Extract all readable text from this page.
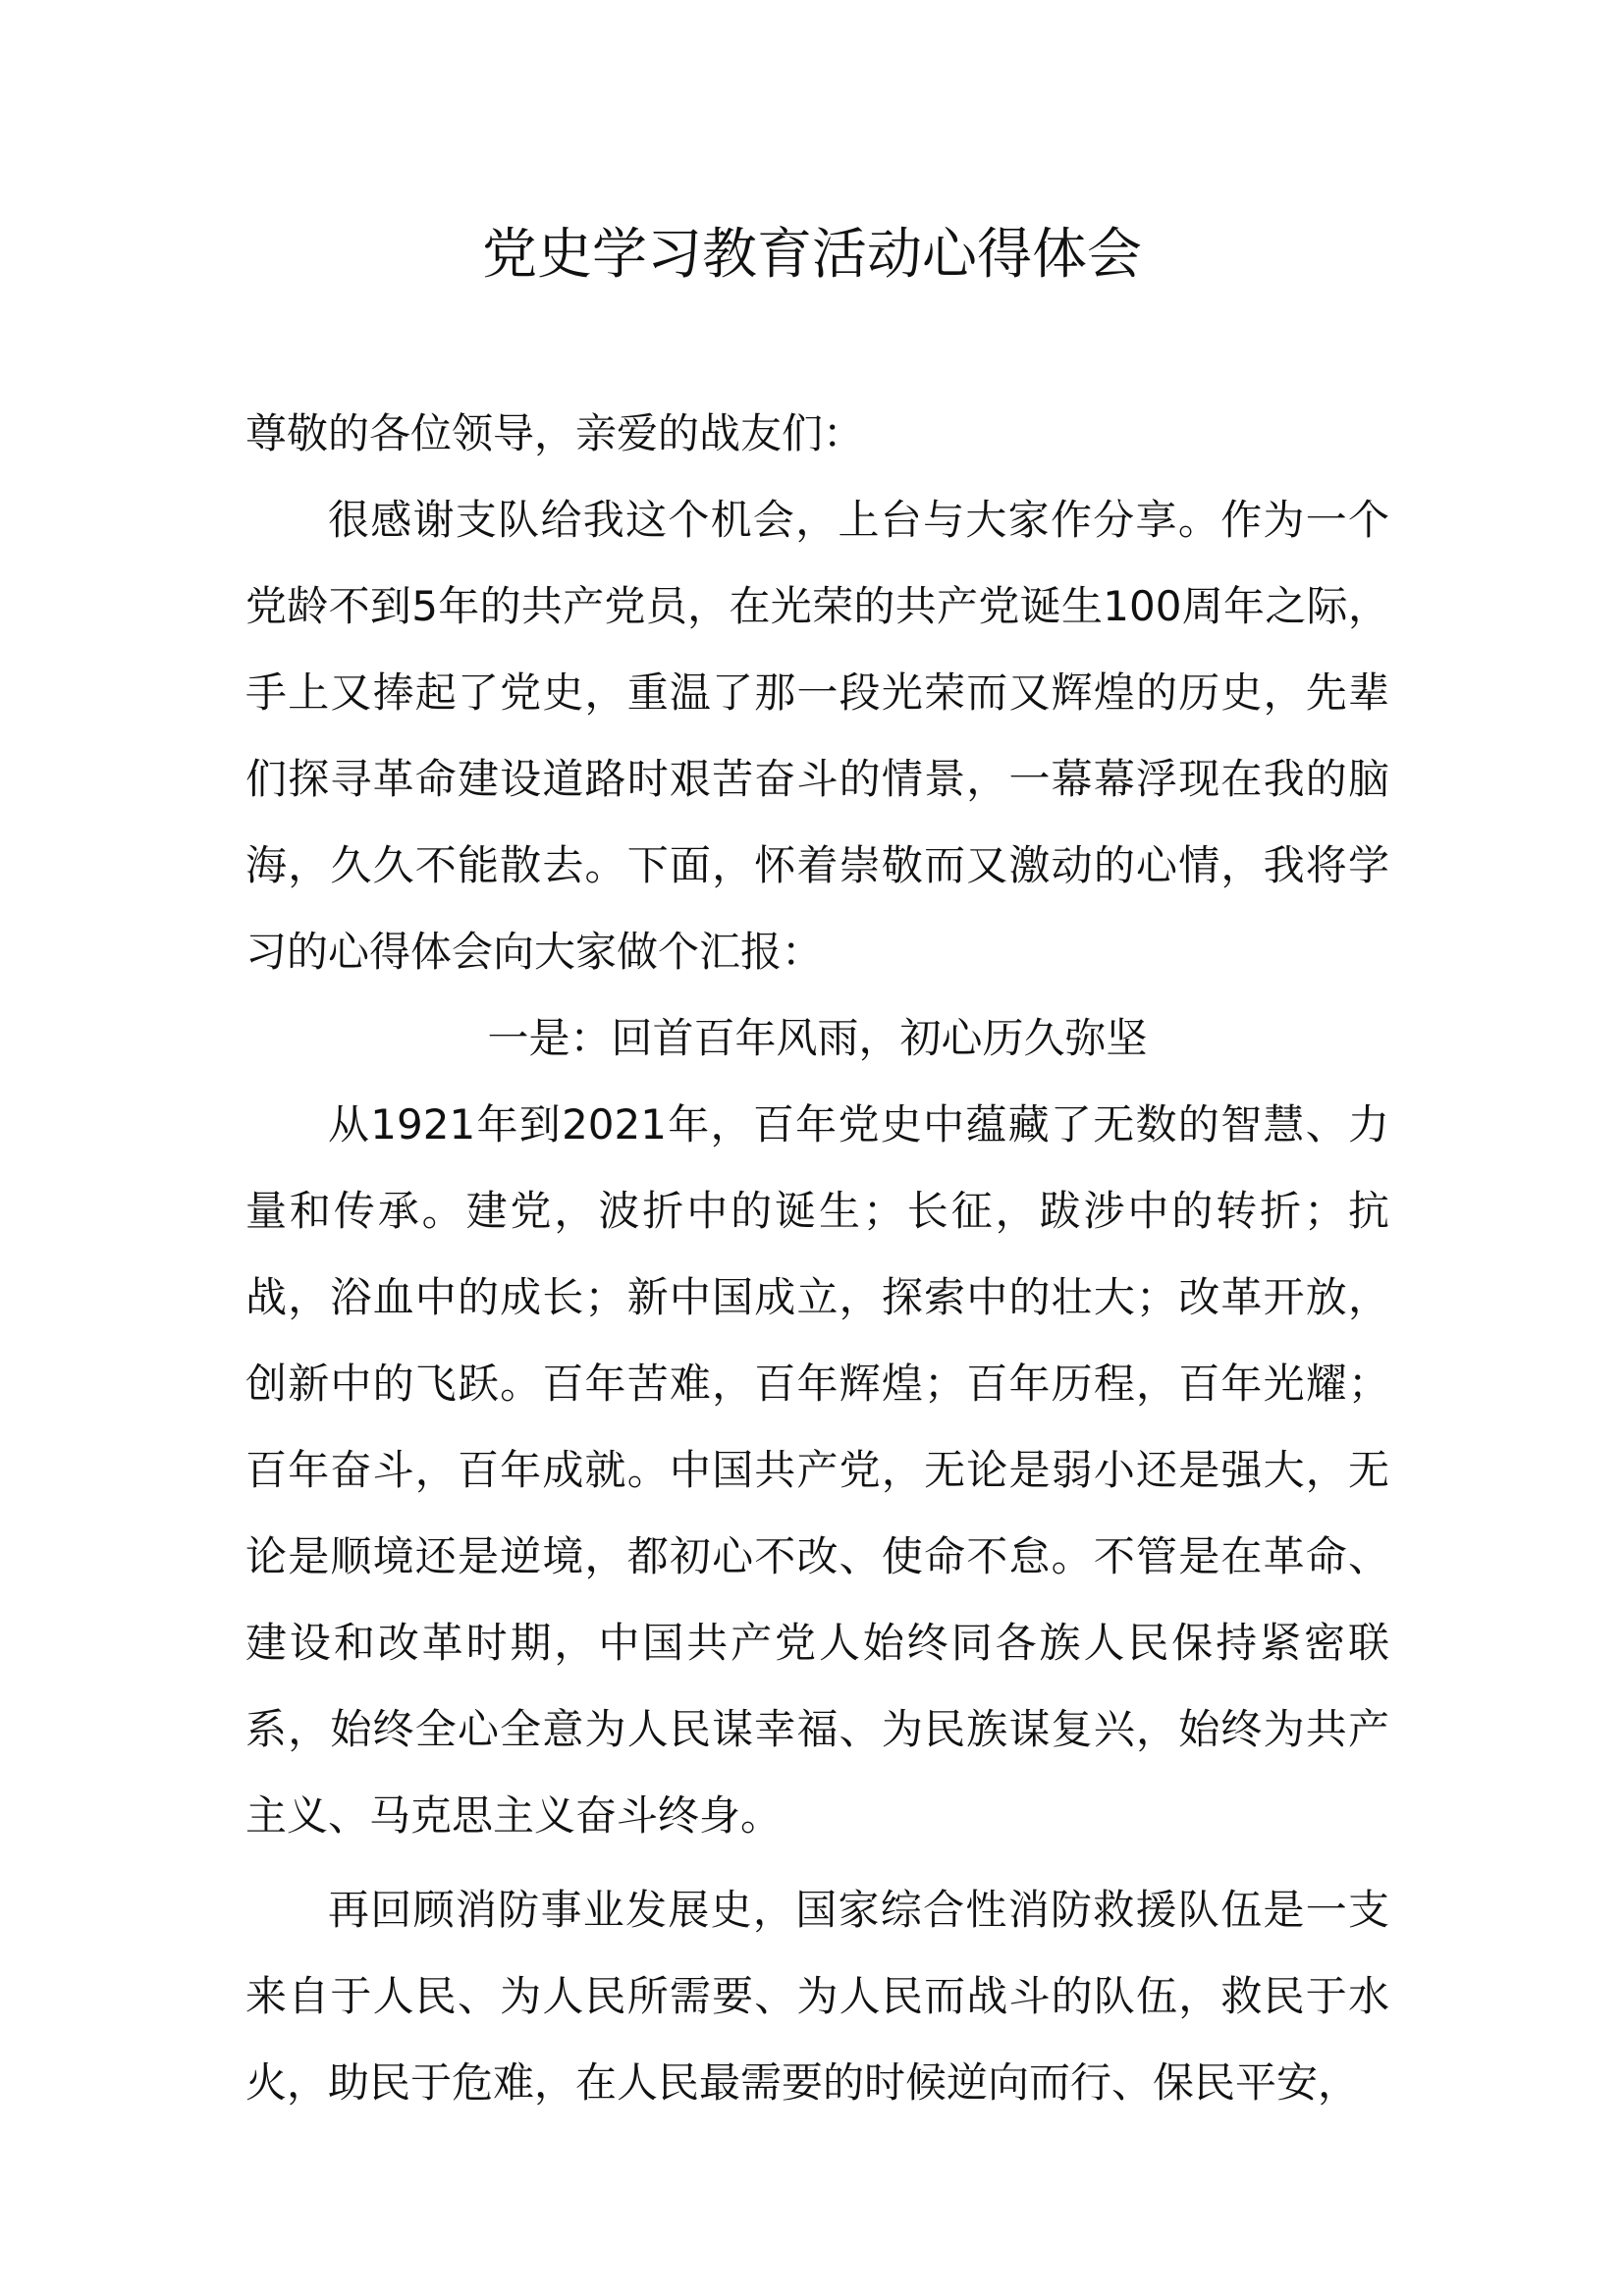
党史学习教育活动心得体会

尊敬的各位领导，亲爱的战友们：

很感谢支队给我这个机会，上台与大家作分享。作为一个党龄不到5年的共产党员，在光荣的共产党诞生100周年之际，手上又捧起了党史，重温了那一段光荣而又辉煌的历史，先辈们探寻革命建设道路时艰苦奋斗的情景，一幕幕浮现在我的脑海，久久不能散去。下面，怀着崇敬而又激动的心情，我将学习的心得体会向大家做个汇报：

一是：回首百年风雨，初心历久弥坚

从1921年到2021年，百年党史中蕴藏了无数的智慧、力量和传承。建党，波折中的诞生；长征，跋涉中的转折；抗战，浴血中的成长；新中国成立，探索中的壮大；改革开放，创新中的飞跃。百年苦难，百年辉煌；百年历程，百年光耀；百年奋斗，百年成就。中国共产党，无论是弱小还是强大，无论是顺境还是逆境，都初心不改、使命不怠。不管是在革命、建设和改革时期，中国共产党人始终同各族人民保持紧密联系，始终全心全意为人民谋幸福、为民族谋复兴，始终为共产主义、马克思主义奋斗终身。

再回顾消防事业发展史，国家综合性消防救援队伍是一支来自于人民、为人民所需要、为人民而战斗的队伍，救民于水火，助民于危难，在人民最需要的时候逆向而行、保民平安，
